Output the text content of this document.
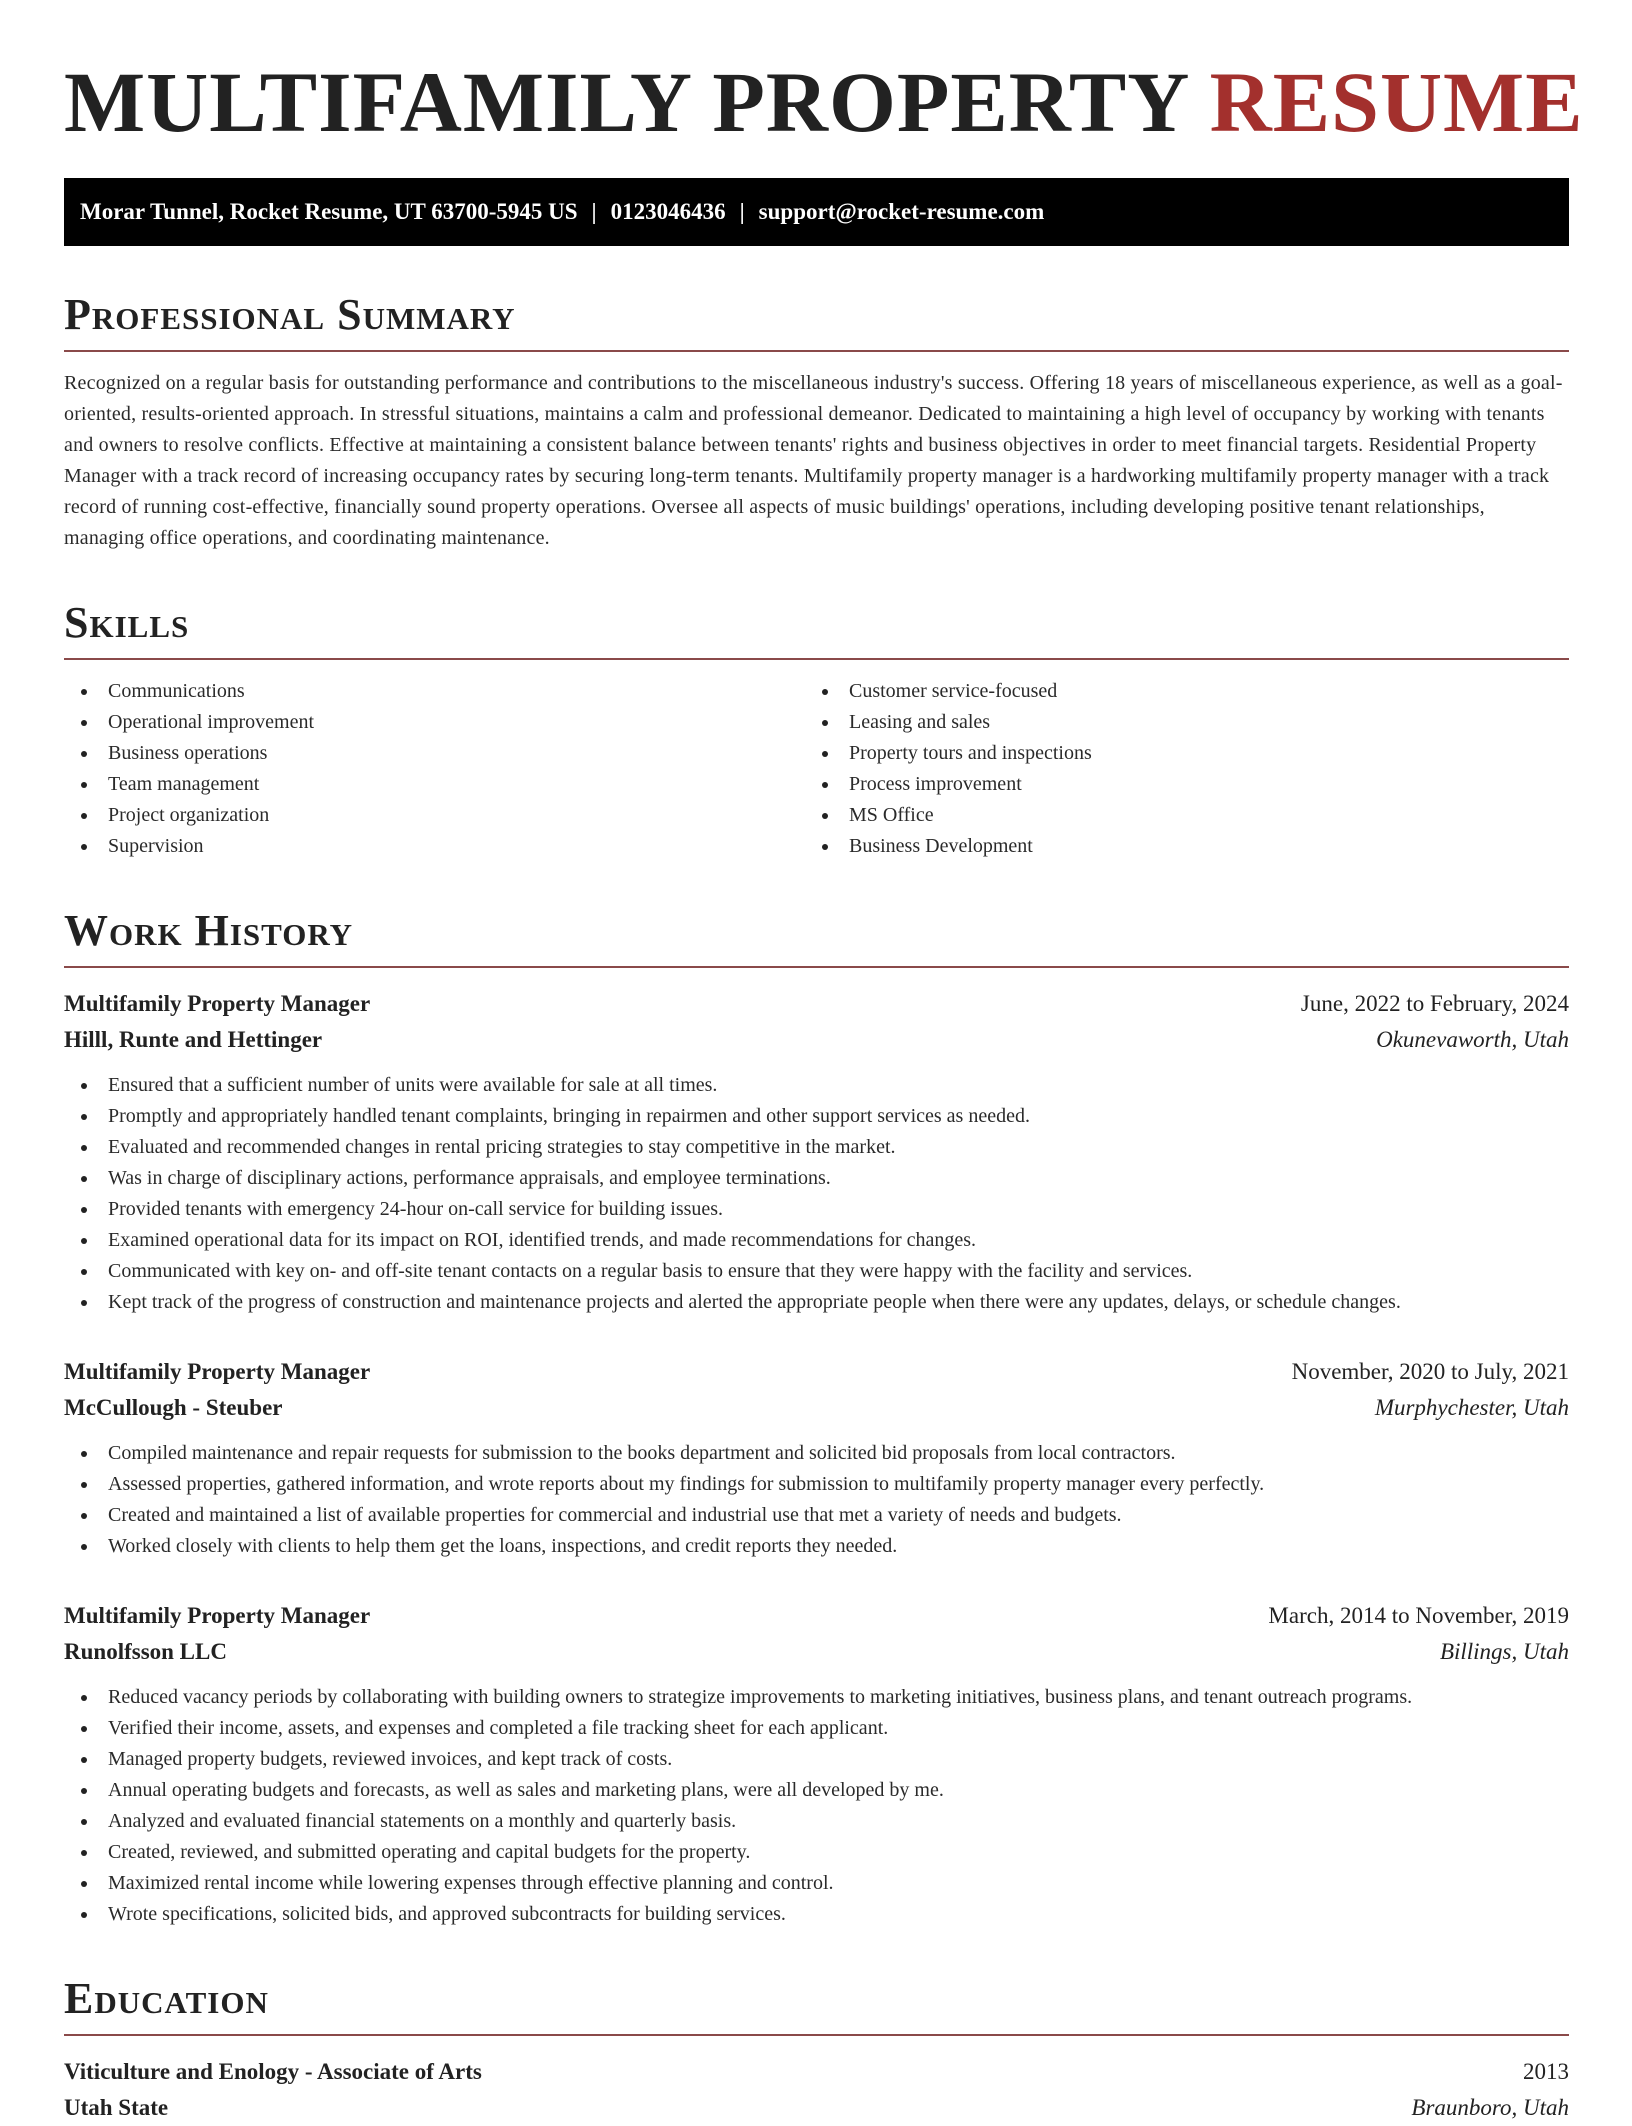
MULTIFAMILY PROPERTY RESUME
Morar Tunnel, Rocket Resume, UT 63700-5945 US | 0123046436 | support@rocket-resume.com
Professional Summary

Recognized on a regular basis for outstanding performance and contributions to the miscellaneous industry's success. Offering 18 years of miscellaneous experience, as well as a goal-oriented, results-oriented approach. In stressful situations, maintains a calm and professional demeanor. Dedicated to maintaining a high level of occupancy by working with tenants and owners to resolve conflicts. Effective at maintaining a consistent balance between tenants' rights and business objectives in order to meet financial targets. Residential Property Manager with a track record of increasing occupancy rates by securing long-term tenants. Multifamily property manager is a hardworking multifamily property manager with a track record of running cost-effective, financially sound property operations. Oversee all aspects of music buildings' operations, including developing positive tenant relationships, managing office operations, and coordinating maintenance.

Skills
Communications
Operational improvement
Business operations
Team management
Project organization
Supervision
Customer service-focused
Leasing and sales
Property tours and inspections
Process improvement
MS Office
Business Development
Work History
Multifamily Property Manager	June, 2022 to February, 2024
Hilll, Runte and Hettinger	Okunevaworth, Utah
Ensured that a sufficient number of units were available for sale at all times.
Promptly and appropriately handled tenant complaints, bringing in repairmen and other support services as needed.
Evaluated and recommended changes in rental pricing strategies to stay competitive in the market.
Was in charge of disciplinary actions, performance appraisals, and employee terminations.
Provided tenants with emergency 24-hour on-call service for building issues.
Examined operational data for its impact on ROI, identified trends, and made recommendations for changes.
Communicated with key on- and off-site tenant contacts on a regular basis to ensure that they were happy with the facility and services.
Kept track of the progress of construction and maintenance projects and alerted the appropriate people when there were any updates, delays, or schedule changes.
Multifamily Property Manager	November, 2020 to July, 2021
McCullough - Steuber	Murphychester, Utah
Compiled maintenance and repair requests for submission to the books department and solicited bid proposals from local contractors.
Assessed properties, gathered information, and wrote reports about my findings for submission to multifamily property manager every perfectly.
Created and maintained a list of available properties for commercial and industrial use that met a variety of needs and budgets.
Worked closely with clients to help them get the loans, inspections, and credit reports they needed.
Multifamily Property Manager	March, 2014 to November, 2019
Runolfsson LLC	Billings, Utah
Reduced vacancy periods by collaborating with building owners to strategize improvements to marketing initiatives, business plans, and tenant outreach programs.
Verified their income, assets, and expenses and completed a file tracking sheet for each applicant.
Managed property budgets, reviewed invoices, and kept track of costs.
Annual operating budgets and forecasts, as well as sales and marketing plans, were all developed by me.
Analyzed and evaluated financial statements on a monthly and quarterly basis.
Created, reviewed, and submitted operating and capital budgets for the property.
Maximized rental income while lowering expenses through effective planning and control.
Wrote specifications, solicited bids, and approved subcontracts for building services.
Education
Viticulture and Enology - Associate of Arts	2013
Utah State	Braunboro, Utah
